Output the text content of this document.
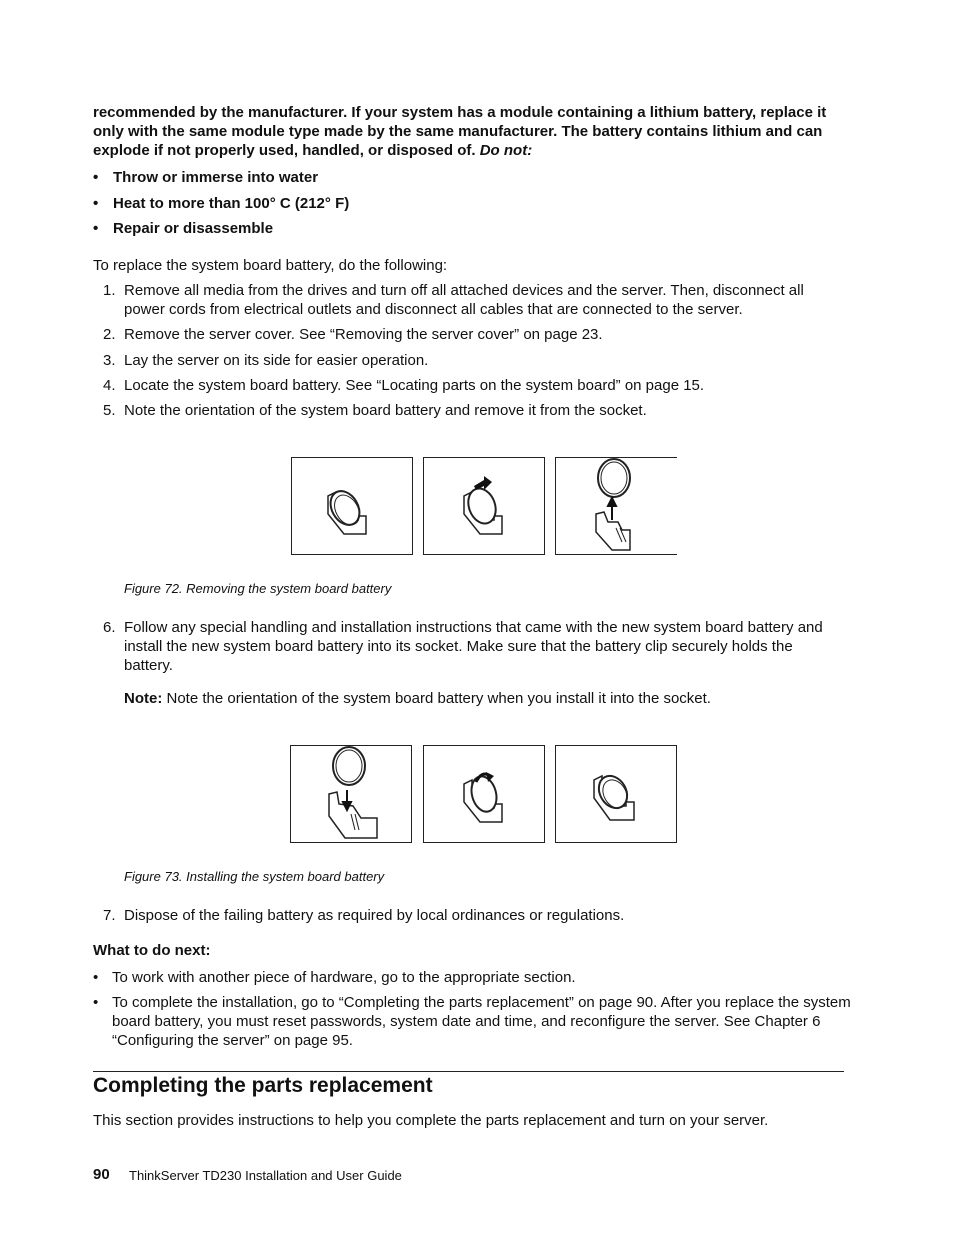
recommended by the manufacturer. If your system has a module containing a lithium battery, replace it only with the same module type made by the same manufacturer. The battery contains lithium and can explode if not properly used, handled, or disposed of. Do not:
• Throw or immerse into water
• Heat to more than 100° C (212° F)
• Repair or disassemble
To replace the system board battery, do the following:
1. Remove all media from the drives and turn off all attached devices and the server. Then, disconnect all power cords from electrical outlets and disconnect all cables that are connected to the server.
2. Remove the server cover. See “Removing the server cover” on page 23.
3. Lay the server on its side for easier operation.
4. Locate the system board battery. See “Locating parts on the system board” on page 15.
5. Note the orientation of the system board battery and remove it from the socket.
Figure 72. Removing the system board battery
6. Follow any special handling and installation instructions that came with the new system board battery and install the new system board battery into its socket. Make sure that the battery clip securely holds the battery.
Note: Note the orientation of the system board battery when you install it into the socket.
Figure 73. Installing the system board battery
7. Dispose of the failing battery as required by local ordinances or regulations.
What to do next:
• To work with another piece of hardware, go to the appropriate section.
• To complete the installation, go to “Completing the parts replacement” on page 90. After you replace the system board battery, you must reset passwords, system date and time, and reconfigure the server. See Chapter 6 “Configuring the server” on page 95.
Completing the parts replacement
This section provides instructions to help you complete the parts replacement and turn on your server.
90 ThinkServer TD230 Installation and User Guide
